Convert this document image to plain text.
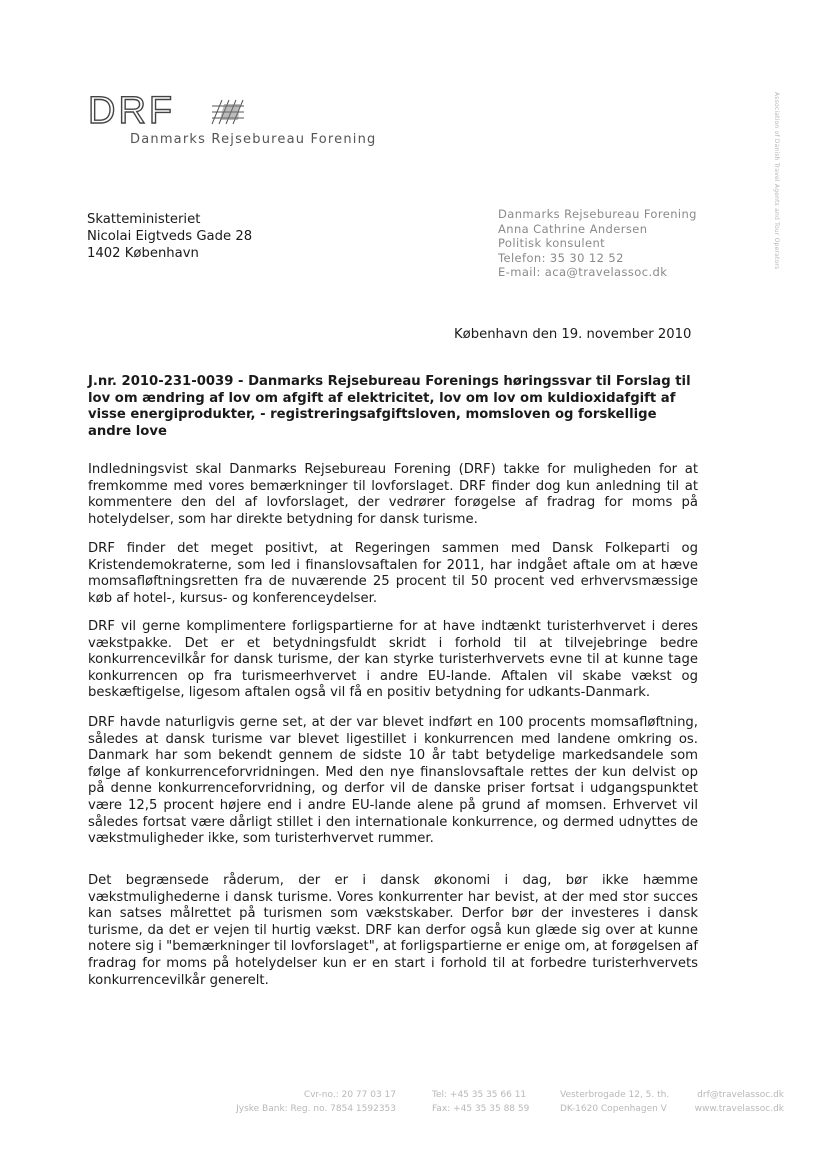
DRF
Danmarks Rejsebureau Forening	Association of Danish Travel Agents and Tour Operators
Skatteministeriet
Nicolai Eigtveds Gade 28
1402 København
Danmarks Rejsebureau Forening
Anna Cathrine Andersen
Politisk konsulent
Telefon: 35 30 12 52
E-mail: aca@travelassoc.dk
København den 19. november 2010
J.nr. 2010-231-0039 - Danmarks Rejsebureau Forenings høringssvar til Forslag til lov om ændring af lov om afgift af elektricitet, lov om lov om kuldioxidafgift af visse energiprodukter, - registreringsafgiftsloven, momsloven og forskellige andre love

Indledningsvist skal Danmarks Rejsebureau Forening (DRF) takke for muligheden for at fremkomme med vores bemærkninger til lovforslaget. DRF finder dog kun anledning til at kommentere den del af lovforslaget, der vedrører forøgelse af fradrag for moms på hotelydelser, som har direkte betydning for dansk turisme.

DRF finder det meget positivt, at Regeringen sammen med Dansk Folkeparti og Kristendemokraterne, som led i finanslovsaftalen for 2011, har indgået aftale om at hæve momsafløftningsretten fra de nuværende 25 procent til 50 procent ved erhvervsmæssige køb af hotel-, kursus- og konferenceydelser.

DRF vil gerne komplimentere forligspartierne for at have indtænkt turisterhvervet i deres vækstpakke. Det er et betydningsfuldt skridt i forhold til at tilvejebringe bedre konkurrencevilkår for dansk turisme, der kan styrke turisterhvervets evne til at kunne tage konkurrencen op fra turismeerhvervet i andre EU-lande. Aftalen vil skabe vækst og beskæftigelse, ligesom aftalen også vil få en positiv betydning for udkants-Danmark.

DRF havde naturligvis gerne set, at der var blevet indført en 100 procents momsafløftning, således at dansk turisme var blevet ligestillet i konkurrencen med landene omkring os. Danmark har som bekendt gennem de sidste 10 år tabt betydelige markedsandele som følge af konkurrenceforvridningen. Med den nye finanslovsaftale rettes der kun delvist op på denne konkurrenceforvridning, og derfor vil de danske priser fortsat i udgangspunktet være 12,5 procent højere end i andre EU-lande alene på grund af momsen. Erhvervet vil således fortsat være dårligt stillet i den internationale konkurrence, og dermed udnyttes de vækstmuligheder ikke, som turisterhvervet rummer.

Det begrænsede råderum, der er i dansk økonomi i dag, bør ikke hæmme vækstmulighederne i dansk turisme. Vores konkurrenter har bevist, at der med stor succes kan satses målrettet på turismen som vækstskaber. Derfor bør der investeres i dansk turisme, da det er vejen til hurtig vækst. DRF kan derfor også kun glæde sig over at kunne notere sig i "bemærkninger til lovforslaget", at forligspartierne er enige om, at forøgelsen af fradrag for moms på hotelydelser kun er en start i forhold til at forbedre turisterhvervets konkurrencevilkår generelt.

Cvr-no.: 20 77 03 17
Jyske Bank: Reg. no. 7854 1592353
Tel: +45 35 35 66 11
Fax: +45 35 35 88 59
Vesterbrogade 12, 5. th.
DK-1620 Copenhagen V
drf@travelassoc.dk
www.travelassoc.dk
